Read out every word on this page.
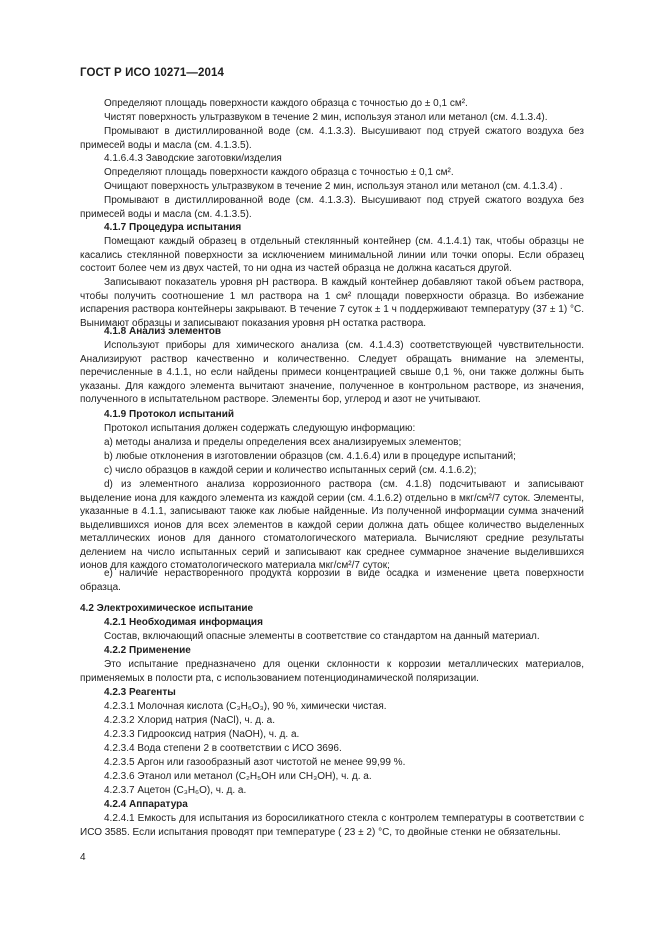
ГОСТ Р ИСО 10271—2014

Определяют площадь поверхности каждого образца с точностью до ± 0,1 см².

Чистят поверхность ультразвуком в течение 2 мин, используя этанол или метанол (см. 4.1.3.4).

Промывают в дистиллированной воде (см. 4.1.3.3). Высушивают под струей сжатого воздуха без примесей воды и масла (см. 4.1.3.5).

4.1.6.4.3 Заводские заготовки/изделия

Определяют площадь поверхности каждого образца с точностью ± 0,1 см².

Очищают поверхность ультразвуком в течение 2 мин, используя этанол или метанол (см. 4.1.3.4) .

Промывают в дистиллированной воде (см. 4.1.3.3). Высушивают под струей сжатого воздуха без примесей воды и масла (см. 4.1.3.5).

4.1.7 Процедура испытания

Помещают каждый образец в отдельный стеклянный контейнер (см. 4.1.4.1) так, чтобы образцы не касались стеклянной поверхности за исключением минимальной линии или точки опоры. Если образец состоит более чем из двух частей, то ни одна из частей образца не должна касаться другой.

Записывают показатель уровня pH раствора. В каждый контейнер добавляют такой объем раствора, чтобы получить соотношение 1 мл раствора на 1 см² площади поверхности образца. Во избежание испарения раствора контейнеры закрывают. В течение 7 суток ± 1 ч поддерживают температуру (37 ± 1) °С. Вынимают образцы и записывают показания уровня pH остатка раствора.

4.1.8 Анализ элементов

Используют приборы для химического анализа (см. 4.1.4.3) соответствующей чувствительности. Анализируют раствор качественно и количественно. Следует обращать внимание на элементы, перечисленные в 4.1.1, но если найдены примеси концентрацией свыше 0,1 %, они также должны быть указаны. Для каждого элемента вычитают значение, полученное в контрольном растворе, из значения, полученного в испытательном растворе. Элементы бор, углерод и азот не учитывают.

4.1.9 Протокол испытаний

Протокол испытания должен содержать следующую информацию:

a) методы анализа и пределы определения всех анализируемых элементов;

b) любые отклонения в изготовлении образцов (см. 4.1.6.4) или в процедуре испытаний;

c) число образцов в каждой серии и количество испытанных серий (см. 4.1.6.2);

d) из элементного анализа коррозионного раствора (см. 4.1.8) подсчитывают и записывают выделение иона для каждого элемента из каждой серии (см. 4.1.6.2) отдельно в мкг/см²/7 суток. Элементы, указанные в 4.1.1, записывают также как любые найденные. Из полученной информации сумма значений выделившихся ионов для всех элементов в каждой серии должна дать общее количество выделенных металлических ионов для данного стоматологического материала. Вычисляют средние результаты делением на число испытанных серий и записывают как среднее суммарное значение выделившихся ионов для каждого стоматологического материала мкг/см²/7 суток;

e) наличие нерастворенного продукта коррозии в виде осадка и изменение цвета поверхности образца.

4.2 Электрохимическое испытание

4.2.1 Необходимая информация

Состав, включающий опасные элементы в соответствие со стандартом на данный материал.

4.2.2 Применение

Это испытание предназначено для оценки склонности к коррозии металлических материалов, применяемых в полости рта, с использованием потенциодинамической поляризации.

4.2.3 Реагенты

4.2.3.1 Молочная кислота (C₃H₆O₃), 90 %, химически чистая.

4.2.3.2 Хлорид натрия (NaCl), ч. д. а.

4.2.3.3 Гидрооксид натрия (NaOH), ч. д. а.

4.2.3.4 Вода степени 2 в соответствии с ИСО 3696.

4.2.3.5 Аргон или газообразный азот чистотой не менее 99,99 %.

4.2.3.6 Этанол или метанол (C₂H₅OH или CH₃OH), ч. д. а.

4.2.3.7 Ацетон (C₃H₆O), ч. д. а.

4.2.4 Аппаратура

4.2.4.1 Емкость для испытания из боросиликатного стекла с контролем температуры в соответствии с ИСО 3585. Если испытания проводят при температуре ( 23 ± 2) °С, то двойные стенки не обязательны.

4
